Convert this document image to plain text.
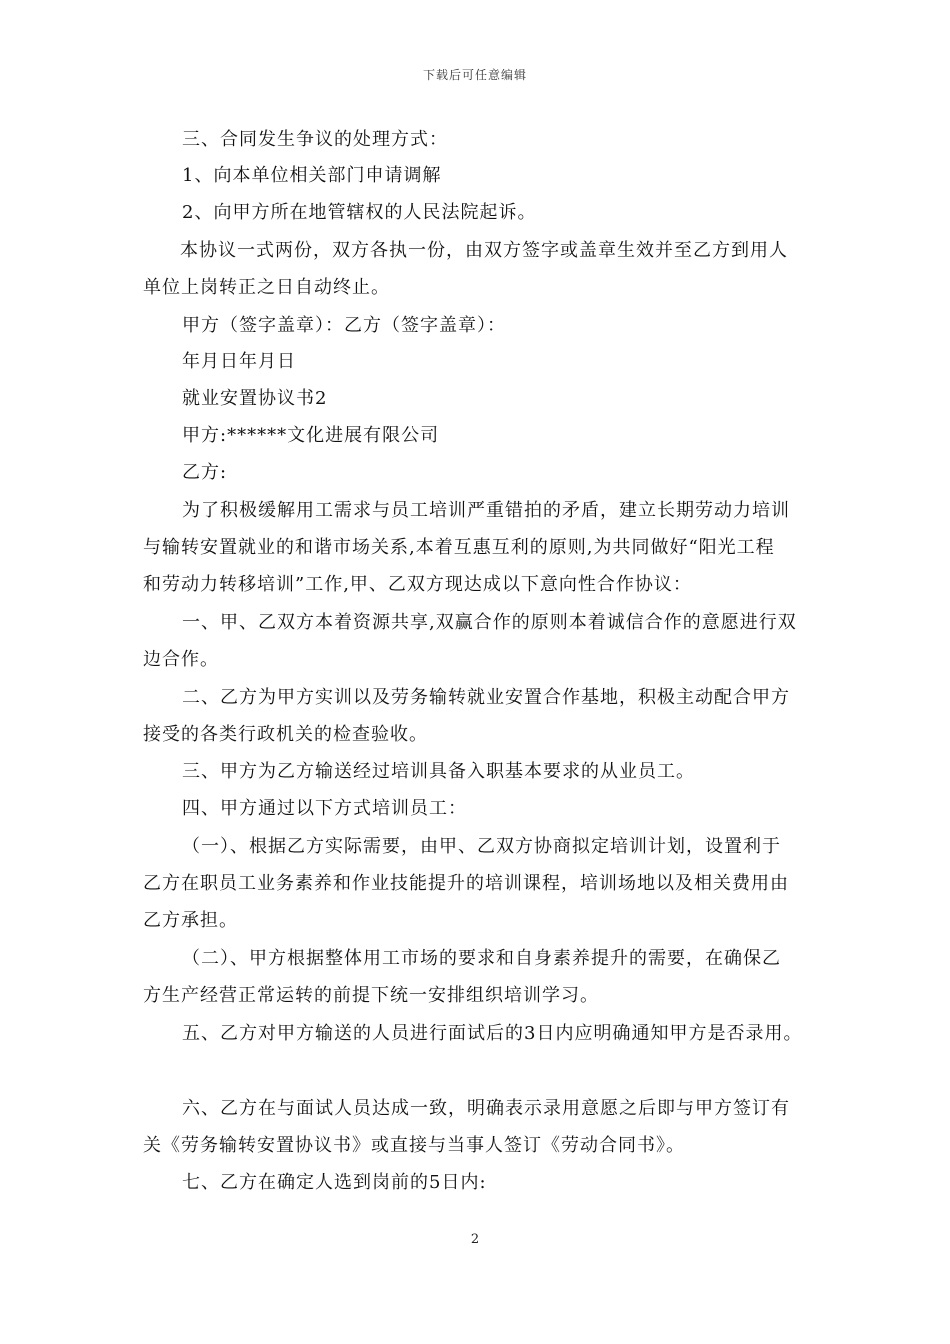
下载后可任意编辑
三、合同发生争议的处理方式：
1、向本单位相关部门申请调解
2、向甲方所在地管辖权的人民法院起诉。
本协议一式两份，双方各执一份，由双方签字或盖章生效并至乙方到用人
单位上岗转正之日自动终止。
甲方（签字盖章）：乙方（签字盖章）：
年月日年月日
就业安置协议书2
甲方:******文化进展有限公司
乙方:
为了积极缓解用工需求与员工培训严重错拍的矛盾，建立长期劳动力培训
与输转安置就业的和谐市场关系,本着互惠互利的原则,为共同做好“阳光工程
和劳动力转移培训”工作,甲、乙双方现达成以下意向性合作协议：
一、甲、乙双方本着资源共享,双赢合作的原则本着诚信合作的意愿进行双
边合作。
二、乙方为甲方实训以及劳务输转就业安置合作基地，积极主动配合甲方
接受的各类行政机关的检查验收。
三、甲方为乙方输送经过培训具备入职基本要求的从业员工。
四、甲方通过以下方式培训员工：
（一）、根据乙方实际需要，由甲、乙双方协商拟定培训计划，设置利于
乙方在职员工业务素养和作业技能提升的培训课程，培训场地以及相关费用由
乙方承担。
（二）、甲方根据整体用工市场的要求和自身素养提升的需要，在确保乙
方生产经营正常运转的前提下统一安排组织培训学习。
五、乙方对甲方输送的人员进行面试后的3日内应明确通知甲方是否录用。
六、乙方在与面试人员达成一致，明确表示录用意愿之后即与甲方签订有
关《劳务输转安置协议书》或直接与当事人签订《劳动合同书》。
七、乙方在确定人选到岗前的5日内:
2
